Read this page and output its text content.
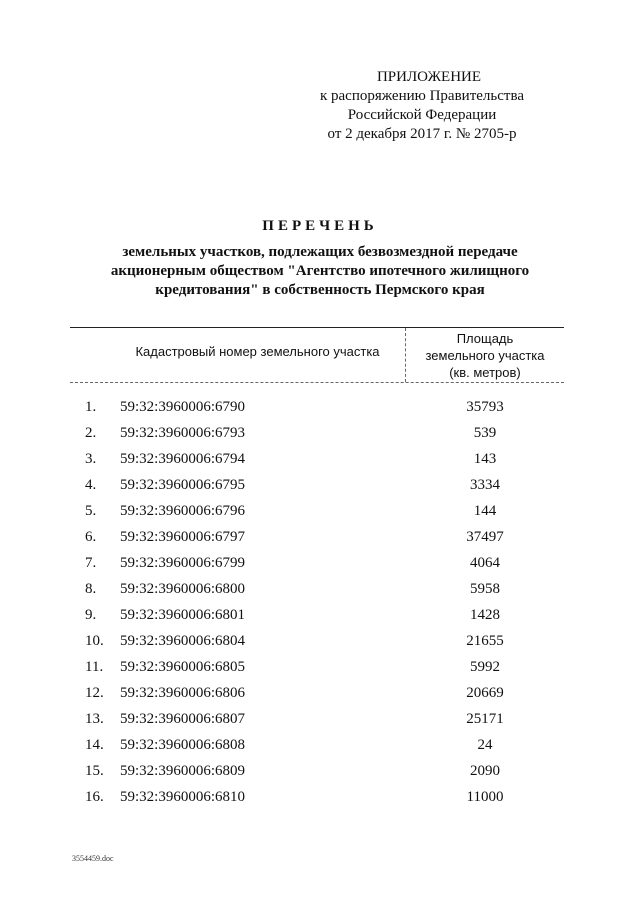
ПРИЛОЖЕНИЕ
к распоряжению Правительства
Российской Федерации
от 2 декабря 2017 г. № 2705-р
ПЕРЕЧЕНЬ
земельных участков, подлежащих безвозмездной передаче
акционерным обществом "Агентство ипотечного жилищного
кредитования" в собственность Пермского края
Кадастровый номер земельного участка
Площадь
земельного участка
(кв. метров)
1. 59:32:3960006:6790	35793
2. 59:32:3960006:6793	539
3. 59:32:3960006:6794	143
4. 59:32:3960006:6795	3334
5. 59:32:3960006:6796	144
6. 59:32:3960006:6797	37497
7. 59:32:3960006:6799	4064
8. 59:32:3960006:6800	5958
9. 59:32:3960006:6801	1428
10. 59:32:3960006:6804	21655
11. 59:32:3960006:6805	5992
12. 59:32:3960006:6806	20669
13. 59:32:3960006:6807	25171
14. 59:32:3960006:6808	24
15. 59:32:3960006:6809	2090
16. 59:32:3960006:6810	11000
3554459.doc
